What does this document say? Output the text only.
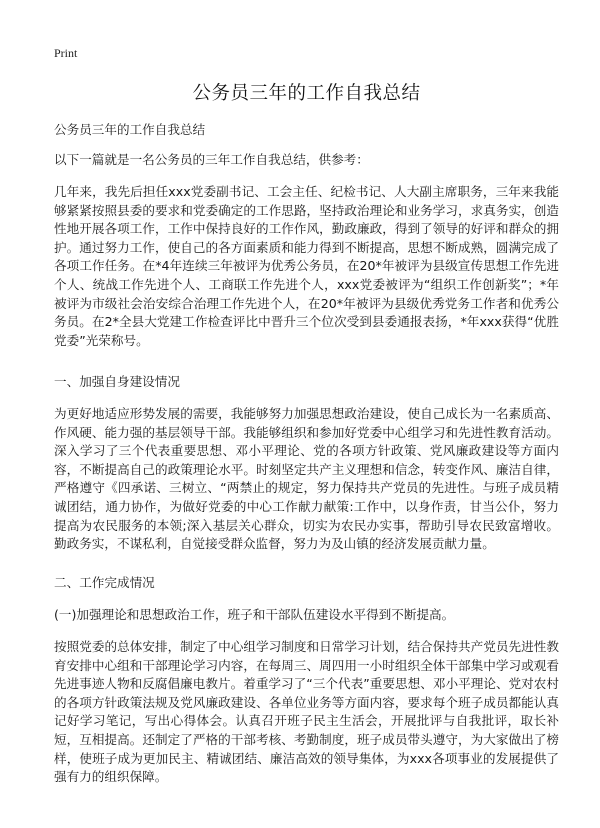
Print
公务员三年的工作自我总结

公务员三年的工作自我总结

以下一篇就是一名公务员的三年工作自我总结，供参考：

几年来，我先后担任xxx党委副书记、工会主任、纪检书记、人大副主席职务，三年来我能够紧紧按照县委的要求和党委确定的工作思路，坚持政治理论和业务学习，求真务实，创造性地开展各项工作，工作中保持良好的工作作风，勤政廉政，得到了领导的好评和群众的拥护。通过努力工作，使自己的各方面素质和能力得到不断提高，思想不断成熟，圆满完成了各项工作任务。在*4年连续三年被评为优秀公务员，在20*年被评为县级宣传思想工作先进个人、统战工作先进个人、工商联工作先进个人，xxx党委被评为“组织工作创新奖”；*年被评为市级社会治安综合治理工作先进个人，在20*年被评为县级优秀党务工作者和优秀公务员。在2*全县大党建工作检查评比中晋升三个位次受到县委通报表扬，*年xxx获得“优胜党委”光荣称号。

一、加强自身建设情况

为更好地适应形势发展的需要，我能够努力加强思想政治建设，使自己成长为一名素质高、作风硬、能力强的基层领导干部。我能够组织和参加好党委中心组学习和先进性教育活动。深入学习了三个代表重要思想、邓小平理论、党的各项方针政策、党风廉政建设等方面内容，不断提高自己的政策理论水平。时刻坚定共产主义理想和信念，转变作风、廉洁自律，严格遵守《四承诺、三树立、“两禁止的规定，努力保持共产党员的先进性。与班子成员精诚团结，通力协作，为做好党委的中心工作献力献策:工作中，以身作责，甘当公仆，努力提高为农民服务的本领;深入基层关心群众，切实为农民办实事，帮助引导农民致富增收。勤政务实，不谋私利，自觉接受群众监督，努力为及山镇的经济发展贡献力量。

二、工作完成情况

(一)加强理论和思想政治工作，班子和干部队伍建设水平得到不断提高。

按照党委的总体安排，制定了中心组学习制度和日常学习计划，结合保持共产党员先进性教育安排中心组和干部理论学习内容，在每周三、周四用一小时组织全体干部集中学习或观看先进事迹人物和反腐倡廉电教片。着重学习了“三个代表”重要思想、邓小平理论、党对农村的各项方针政策法规及党风廉政建设、各单位业务等方面内容，要求每个班子成员都能认真记好学习笔记，写出心得体会。认真召开班子民主生活会，开展批评与自我批评，取长补短，互相提高。还制定了严格的干部考核、考勤制度，班子成员带头遵守，为大家做出了榜样，使班子成为更加民主、精诚团结、廉洁高效的领导集体，为xxx各项事业的发展提供了强有力的组织保障。
